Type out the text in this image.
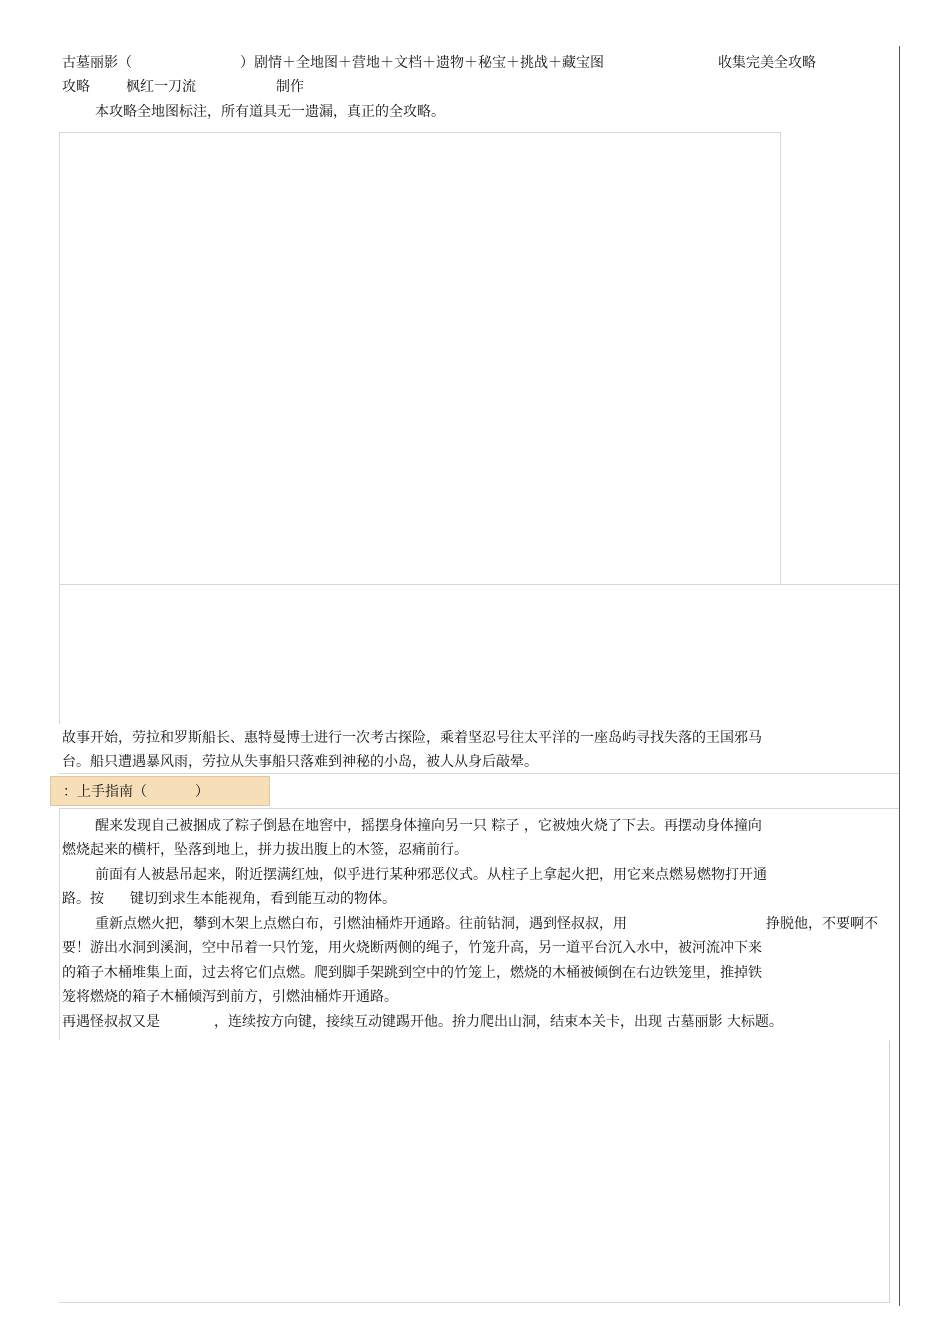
古墓丽影（	）剧情＋全地图＋营地＋文档＋遗物＋秘宝＋挑战＋藏宝图	收集完美全攻略
攻略	枫红一刀流	制作
本攻略全地图标注，所有道具无一遗漏，真正的全攻略。
故事开始，劳拉和罗斯船长、惠特曼博士进行一次考古探险，乘着坚忍号往太平洋的一座岛屿寻找失落的王国邪马
台。船只遭遇暴风雨，劳拉从失事船只落难到神秘的小岛，被人从身后敲晕。
：上手指南（	）
醒来发现自己被捆成了粽子倒悬在地窖中，摇摆身体撞向另一只 粽子 ，它被烛火烧了下去。再摆动身体撞向
燃烧起来的横杆，坠落到地上，拼力拔出腹上的木签，忍痛前行。
前面有人被悬吊起来，附近摆满红烛，似乎进行某种邪恶仪式。从柱子上拿起火把，用它来点燃易燃物打开通
路。按 键切到求生本能视角，看到能互动的物体。
重新点燃火把，攀到木架上点燃白布，引燃油桶炸开通路。往前钻洞，遇到怪叔叔，用	挣脱他，不要啊不
要！游出水洞到溪涧，空中吊着一只竹笼，用火烧断两侧的绳子，竹笼升高，另一道平台沉入水中，被河流冲下来
的箱子木桶堆集上面，过去将它们点燃。爬到脚手架跳到空中的竹笼上，燃烧的木桶被倾倒在右边铁笼里，推掉铁
笼将燃烧的箱子木桶倾泻到前方，引燃油桶炸开通路。
再遇怪叔叔又是	，连续按方向键，接续互动键踢开他。拚力爬出山洞，结束本关卡，出现 古墓丽影 大标题。
